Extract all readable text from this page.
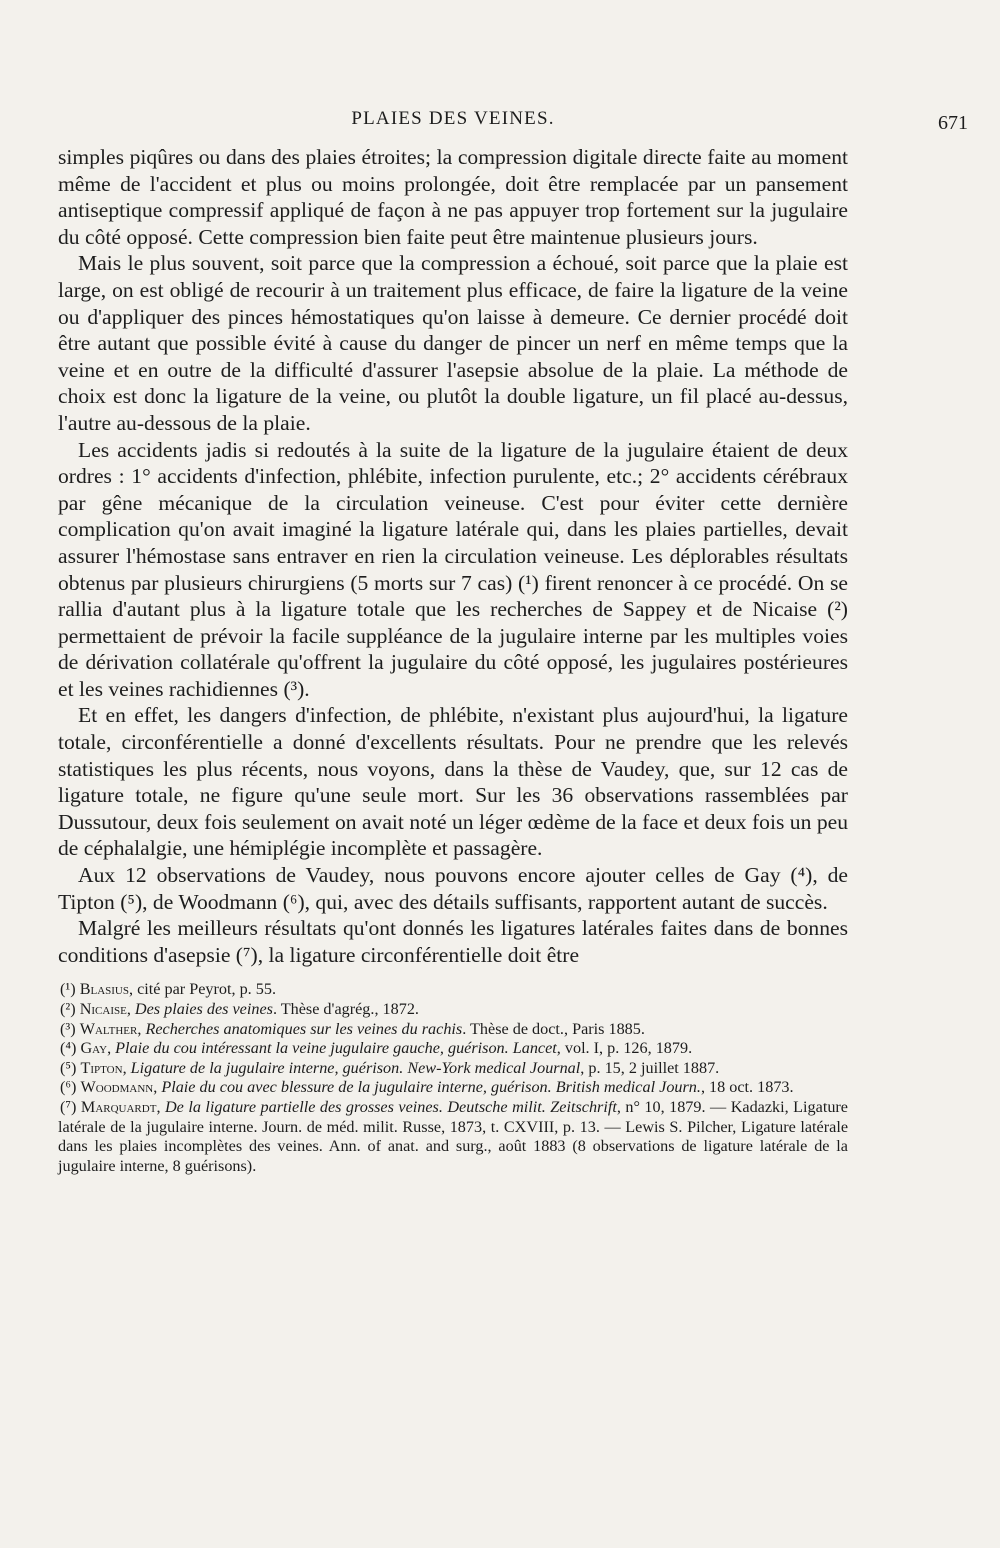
PLAIES DES VEINES.	671

simples piqûres ou dans des plaies étroites; la compression digitale directe faite au moment même de l'accident et plus ou moins prolongée, doit être remplacée par un pansement antiseptique compressif appliqué de façon à ne pas appuyer trop fortement sur la jugulaire du côté opposé. Cette compression bien faite peut être maintenue plusieurs jours.

Mais le plus souvent, soit parce que la compression a échoué, soit parce que la plaie est large, on est obligé de recourir à un traitement plus efficace, de faire la ligature de la veine ou d'appliquer des pinces hémostatiques qu'on laisse à demeure. Ce dernier procédé doit être autant que possible évité à cause du danger de pincer un nerf en même temps que la veine et en outre de la difficulté d'assurer l'asepsie absolue de la plaie. La méthode de choix est donc la ligature de la veine, ou plutôt la double ligature, un fil placé au-dessus, l'autre au-dessous de la plaie.

Les accidents jadis si redoutés à la suite de la ligature de la jugulaire étaient de deux ordres : 1° accidents d'infection, phlébite, infection purulente, etc.; 2° accidents cérébraux par gêne mécanique de la circulation veineuse. C'est pour éviter cette dernière complication qu'on avait imaginé la ligature latérale qui, dans les plaies partielles, devait assurer l'hémostase sans entraver en rien la circulation veineuse. Les déplorables résultats obtenus par plusieurs chirurgiens (5 morts sur 7 cas) (¹) firent renoncer à ce procédé. On se rallia d'autant plus à la ligature totale que les recherches de Sappey et de Nicaise (²) permettaient de prévoir la facile suppléance de la jugulaire interne par les multiples voies de dérivation collatérale qu'offrent la jugulaire du côté opposé, les jugulaires postérieures et les veines rachidiennes (³).

Et en effet, les dangers d'infection, de phlébite, n'existant plus aujourd'hui, la ligature totale, circonférentielle a donné d'excellents résultats. Pour ne prendre que les relevés statistiques les plus récents, nous voyons, dans la thèse de Vaudey, que, sur 12 cas de ligature totale, ne figure qu'une seule mort. Sur les 36 observations rassemblées par Dussutour, deux fois seulement on avait noté un léger œdème de la face et deux fois un peu de céphalalgie, une hémiplégie incomplète et passagère.

Aux 12 observations de Vaudey, nous pouvons encore ajouter celles de Gay (⁴), de Tipton (⁵), de Woodmann (⁶), qui, avec des détails suffisants, rapportent autant de succès.

Malgré les meilleurs résultats qu'ont donnés les ligatures latérales faites dans de bonnes conditions d'asepsie (⁷), la ligature circonférentielle doit être

(¹) Blasius, cité par Peyrot, p. 55.

(²) Nicaise, Des plaies des veines. Thèse d'agrég., 1872.

(³) Walther, Recherches anatomiques sur les veines du rachis. Thèse de doct., Paris 1885.

(⁴) Gay, Plaie du cou intéressant la veine jugulaire gauche, guérison. Lancet, vol. I, p. 126, 1879.

(⁵) Tipton, Ligature de la jugulaire interne, guérison. New-York medical Journal, p. 15, 2 juillet 1887.

(⁶) Woodmann, Plaie du cou avec blessure de la jugulaire interne, guérison. British medical Journ., 18 oct. 1873.

(⁷) Marquardt, De la ligature partielle des grosses veines. Deutsche milit. Zeitschrift, n° 10, 1879. — Kadazki, Ligature latérale de la jugulaire interne. Journ. de méd. milit. Russe, 1873, t. CXVIII, p. 13. — Lewis S. Pilcher, Ligature latérale dans les plaies incomplètes des veines. Ann. of anat. and surg., août 1883 (8 observations de ligature latérale de la jugulaire interne, 8 guérisons).
